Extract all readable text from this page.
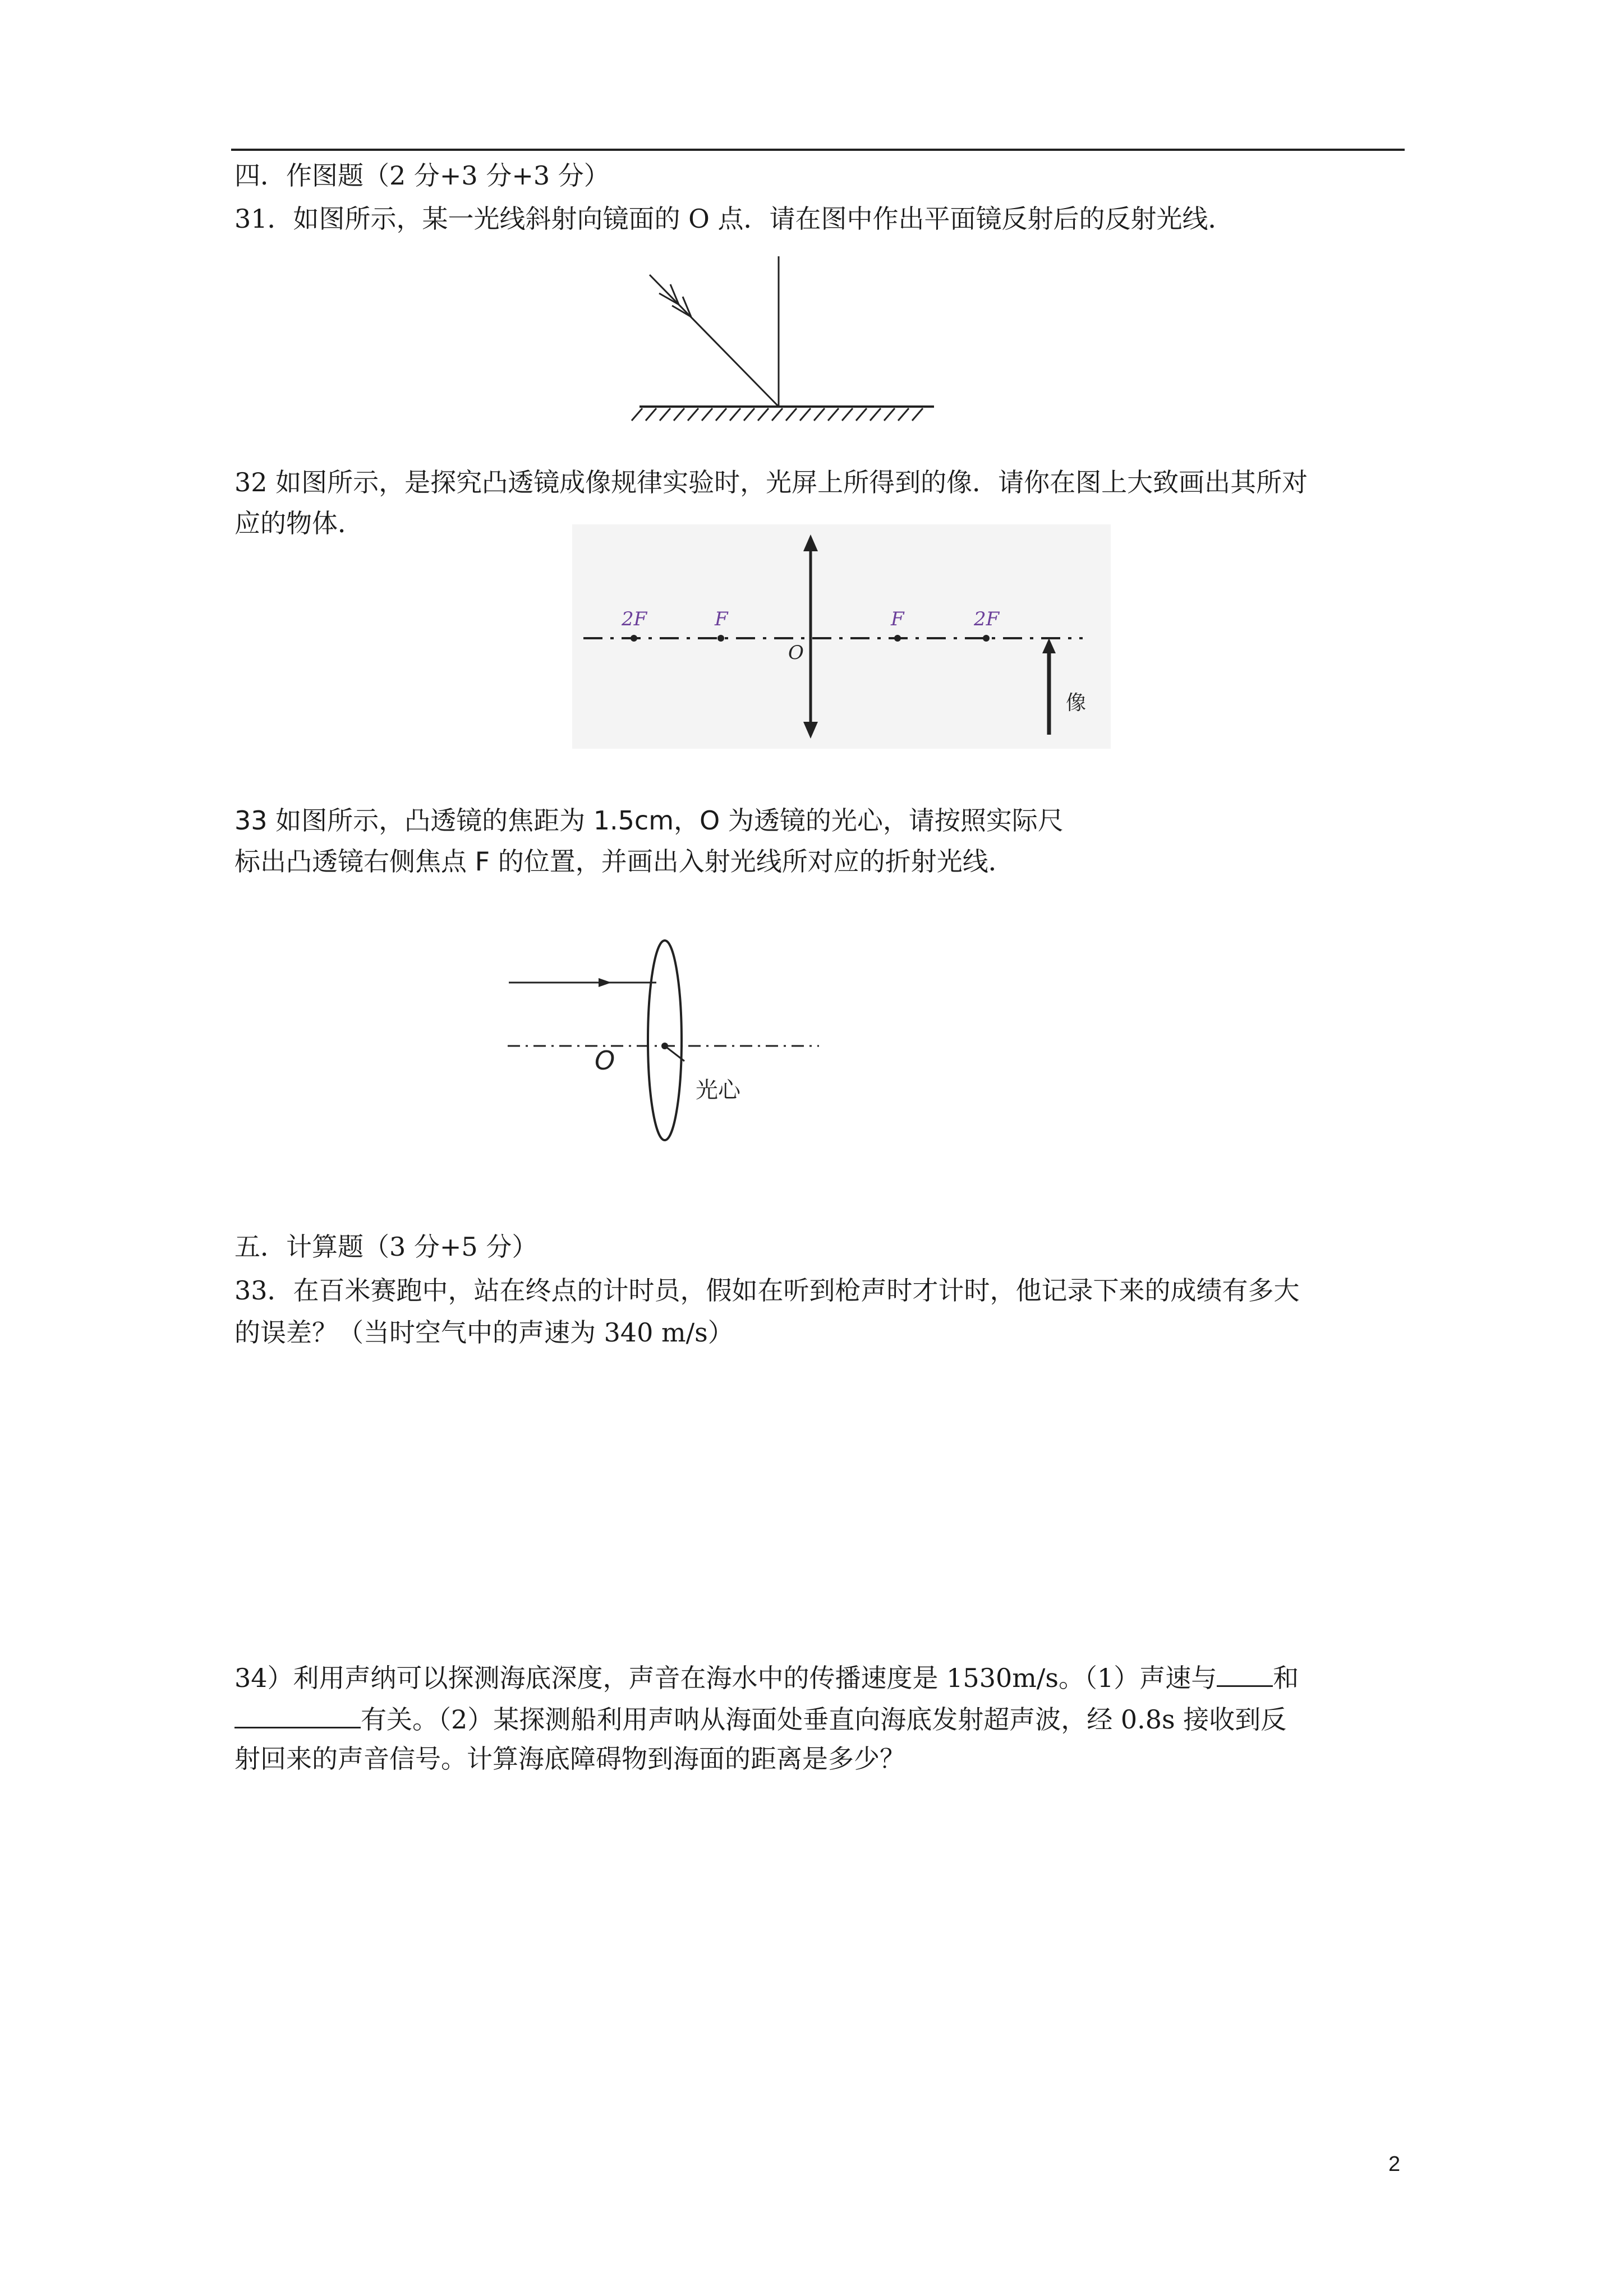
四．作图题（2 分+3 分+3 分）
31．如图所示，某一光线斜射向镜面的 O 点．请在图中作出平面镜反射后的反射光线．
32 如图所示，是探究凸透镜成像规律实验时，光屏上所得到的像．请你在图上大致画出其所对
应的物体．
2F	F
O
F	2F
像
33 如图所示，凸透镜的焦距为 1.5cm，O 为透镜的光心，请按照实际尺
标出凸透镜右侧焦点 F 的位置，并画出入射光线所对应的折射光线．
O
光心
五．计算题（3 分+5 分）
33．在百米赛跑中，站在终点的计时员，假如在听到枪声时才计时，他记录下来的成绩有多大
的误差？（当时空气中的声速为 340 m/s）
34）利用声纳可以探测海底深度，声音在海水中的传播速度是 1530m/s。（1）声速与 和
有关。（2）某探测船利用声呐从海面处垂直向海底发射超声波，经 0.8s 接收到反
射回来的声音信号。计算海底障碍物到海面的距离是多少？
2
